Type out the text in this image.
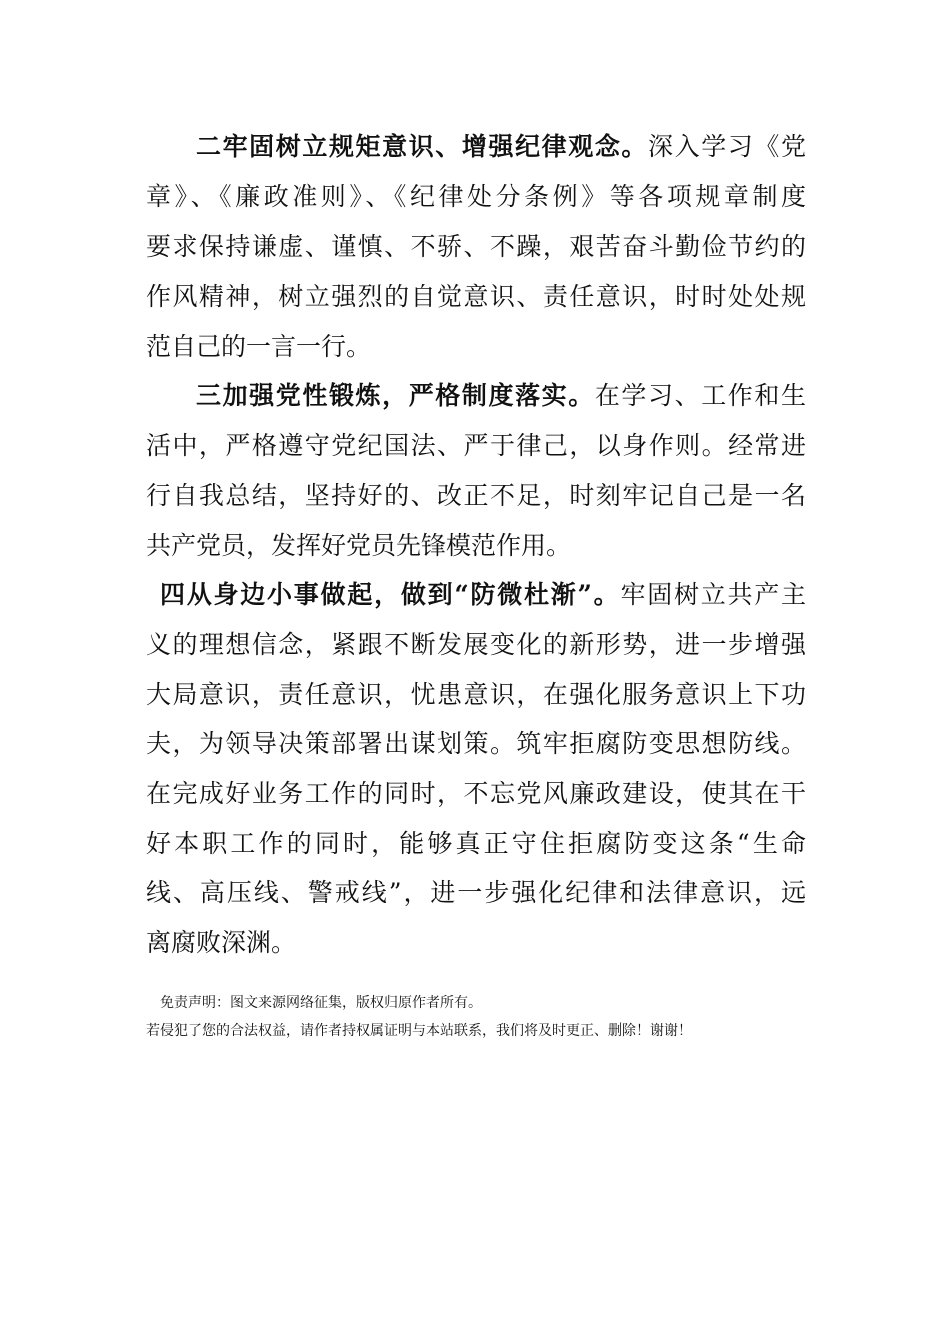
二牢固树立规矩意识、增强纪律观念。深入学习《党
章》、《廉政准则》、《纪律处分条例》等各项规章制度
要求保持谦虚、谨慎、不骄、不躁，艰苦奋斗勤俭节约的
作风精神，树立强烈的自觉意识、责任意识，时时处处规
范自己的一言一行。
三加强党性锻炼，严格制度落实。在学习、工作和生
活中，严格遵守党纪国法、严于律己，以身作则。经常进
行自我总结，坚持好的、改正不足，时刻牢记自己是一名
共产党员，发挥好党员先锋模范作用。
四从身边小事做起，做到“防微杜渐”。牢固树立共产主
义的理想信念，紧跟不断发展变化的新形势，进一步增强
大局意识，责任意识，忧患意识，在强化服务意识上下功
夫，为领导决策部署出谋划策。筑牢拒腐防变思想防线。
在完成好业务工作的同时，不忘党风廉政建设，使其在干
好本职工作的同时，能够真正守住拒腐防变这条“生命
线、高压线、警戒线”，进一步强化纪律和法律意识，远
离腐败深渊。
免责声明：图文来源网络征集，版权归原作者所有。
若侵犯了您的合法权益，请作者持权属证明与本站联系，我们将及时更正、删除！谢谢！
